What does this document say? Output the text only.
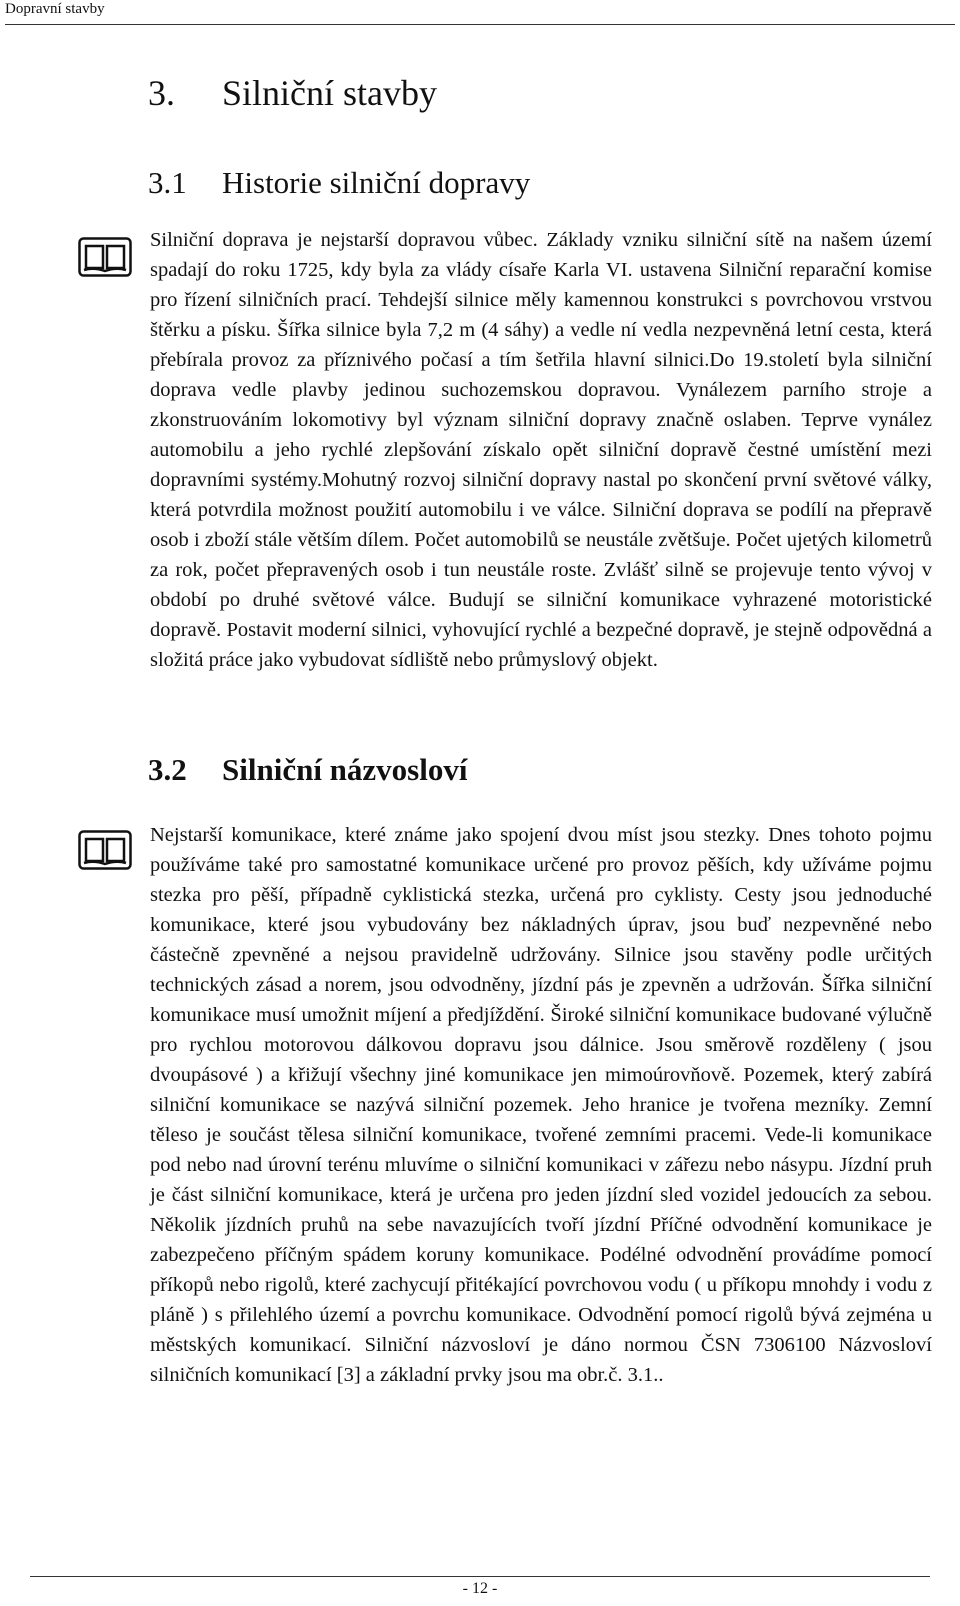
Dopravní stavby
3. Silniční stavby
3.1 Historie silniční dopravy

Silniční doprava je nejstarší dopravou vůbec. Základy vzniku silniční sítě na našem území spadají do roku 1725, kdy byla za vlády císaře Karla VI. ustavena Silniční reparační komise pro řízení silničních prací. Tehdejší silnice měly kamennou konstrukci s povrchovou vrstvou štěrku a písku. Šířka silnice byla 7,2 m (4 sáhy) a vedle ní vedla nezpevněná letní cesta, která přebírala provoz za příznivého počasí a tím šetřila hlavní silnici.Do 19.století byla silniční doprava vedle plavby jedinou suchozemskou dopravou. Vynálezem parního stroje a zkonstruováním lokomotivy byl význam silniční dopravy značně oslaben. Teprve vynález automobilu a jeho rychlé zlepšování získalo opět silniční dopravě čestné umístění mezi dopravními systémy.Mohutný rozvoj silniční dopravy nastal po skončení první světové války, která potvrdila možnost použití automobilu i ve válce. Silniční doprava se podílí na přepravě osob i zboží stále větším dílem. Počet automobilů se neustále zvětšuje. Počet ujetých kilometrů za rok, počet přepravených osob i tun neustále roste. Zvlášť silně se projevuje tento vývoj v období po druhé světové válce. Budují se silniční komunikace vyhrazené motoristické dopravě. Postavit moderní silnici, vyhovující rychlé a bezpečné dopravě, je stejně odpovědná a složitá práce jako vybudovat sídliště nebo průmyslový objekt.

3.2 Silniční názvosloví

Nejstarší komunikace, které známe jako spojení dvou míst jsou stezky. Dnes tohoto pojmu používáme také pro samostatné komunikace určené pro provoz pěších, kdy užíváme pojmu stezka pro pěší, případně cyklistická stezka, určená pro cyklisty. Cesty jsou jednoduché komunikace, které jsou vybudovány bez nákladných úprav, jsou buď nezpevněné nebo částečně zpevněné a nejsou pravidelně udržovány. Silnice jsou stavěny podle určitých technických zásad a norem, jsou odvodněny, jízdní pás je zpevněn a udržován. Šířka silniční komunikace musí umožnit míjení a předjíždění. Široké silniční komunikace budované výlučně pro rychlou motorovou dálkovou dopravu jsou dálnice. Jsou směrově rozděleny ( jsou dvoupásové ) a křižují všechny jiné komunikace jen mimoúrovňově. Pozemek, který zabírá silniční komunikace se nazývá silniční pozemek. Jeho hranice je tvořena mezníky. Zemní těleso je součást tělesa silniční komunikace, tvořené zemními pracemi. Vede-li komunikace pod nebo nad úrovní terénu mluvíme o silniční komunikaci v zářezu nebo násypu. Jízdní pruh je část silniční komunikace, která je určena pro jeden jízdní sled vozidel jedoucích za sebou. Několik jízdních pruhů na sebe navazujících tvoří jízdní Příčné odvodnění komunikace je zabezpečeno příčným spádem koruny komunikace. Podélné odvodnění provádíme pomocí příkopů nebo rigolů, které zachycují přitékající povrchovou vodu ( u příkopu mnohdy i vodu z pláně ) s přilehlého území a povrchu komunikace. Odvodnění pomocí rigolů bývá zejména u městských komunikací. Silniční názvosloví je dáno normou ČSN 7306100 Názvosloví silničních komunikací [3] a základní prvky jsou ma obr.č. 3.1..

- 12 -
